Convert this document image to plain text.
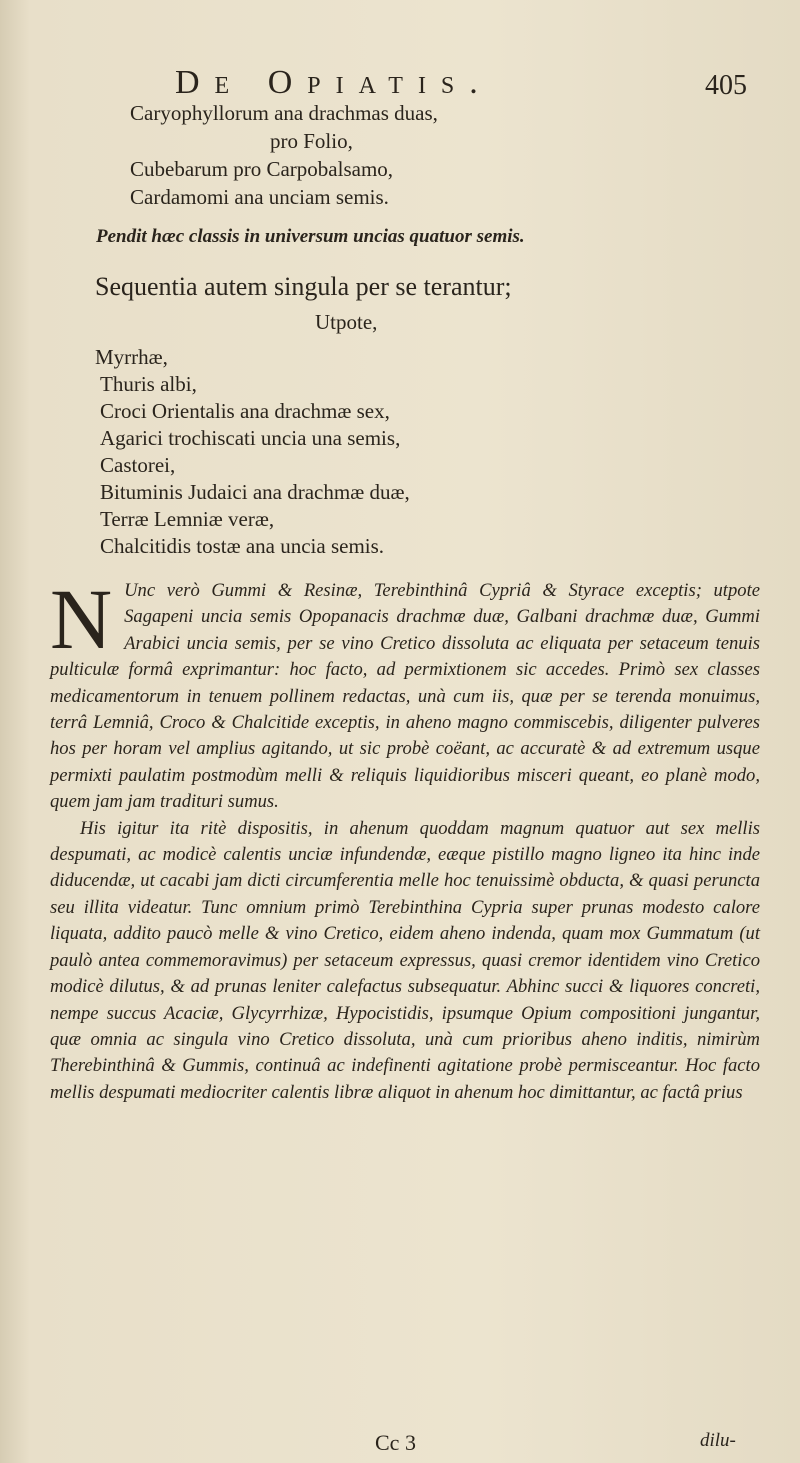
De Opiatis.	405
Caryophyllorum ana drachmas duas,
pro Folio,
Cubebarum pro Carpobalsamo,
Cardamomi ana unciam semis.
Pendit hæc classis in universum uncias quatuor semis.
Sequentia autem singula per se terantur;
Utpote,
Myrrhæ,
Thuris albi,
Croci Orientalis ana drachmæ sex,
Agarici trochiscati uncia una semis,
Castorei,
Bituminis Judaici ana drachmæ duæ,
Terræ Lemniæ veræ,
Chalcitidis tostæ ana uncia semis.
N Unc verò Gummi & Resinæ, Terebinthinâ Cypriâ & Styrace exceptis; utpote Sagapeni uncia semis Opopanacis drachmæ duæ, Galbani drachmæ duæ, Gummi Arabici uncia semis, per se vino Cretico dissoluta ac eliquata per setaceum tenuis pulticulæ formâ exprimantur: hoc facto, ad permixtionem sic accedes. Primò sex classes medicamentorum in tenuem pollinem redactas, unà cum iis, quæ per se terenda monuimus, terrâ Lemniâ, Croco & Chalcitide exceptis, in aheno magno commiscebis, diligenter pulveres hos per horam vel amplius agitando, ut sic probè coëant, ac accuratè & ad extremum usque permixti paulatim postmodùm melli & reliquis liquidioribus misceri queant, eo planè modo, quem jam jam tradituri sumus.

His igitur ita ritè dispositis, in ahenum quoddam magnum quatuor aut sex mellis despumati, ac modicè calentis unciæ infundendæ, eæque pistillo magno ligneo ita hinc inde diducendæ, ut cacabi jam dicti circumferentia melle hoc tenuissimè obducta, & quasi peruncta seu illita videatur. Tunc omnium primò Terebinthina Cypria super prunas modesto calore liquata, addito paucò melle & vino Cretico, eidem aheno indenda, quam mox Gummatum (ut paulò antea commemoravimus) per setaceum expressus, quasi cremor identidem vino Cretico modicè dilutus, & ad prunas leniter calefactus subsequatur. Abhinc succi & liquores concreti, nempe succus Acaciæ, Glycyrrhizæ, Hypocistidis, ipsumque Opium compositioni jungantur, quæ omnia ac singula vino Cretico dissoluta, unà cum prioribus aheno inditis, nimirùm Therebinthinâ & Gummis, continuâ ac indefinenti agitatione probè permisceantur. Hoc facto mellis despumati mediocriter calentis libræ aliquot in ahenum hoc dimittantur, ac factâ prius

Cc 3	dilu-
